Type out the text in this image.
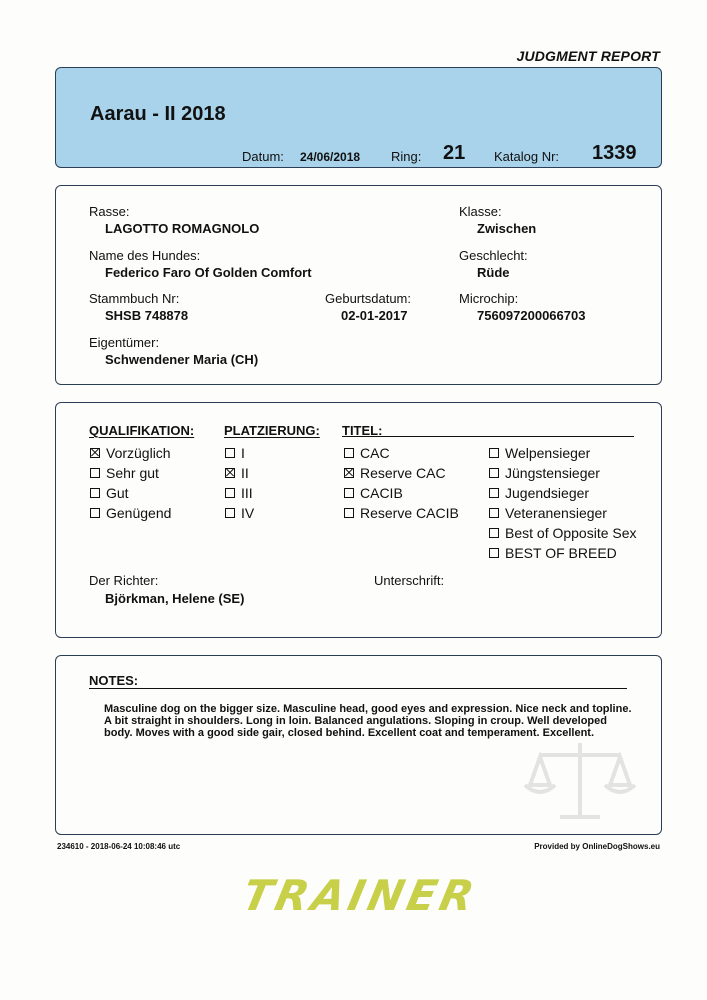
JUDGMENT REPORT
Aarau - II 2018
Datum: 24/06/2018 Ring: 21 Katalog Nr: 1339
Rasse:
LAGOTTO ROMAGNOLO
Klasse:
Zwischen
Name des Hundes:
Federico Faro Of Golden Comfort
Geschlecht:
Rüde
Stammbuch Nr:
SHSB 748878
Geburtsdatum:
02-01-2017
Microchip:
756097200066703
Eigentümer:
Schwendener Maria (CH)
QUALIFIKATION: PLATZIERUNG: TITEL:
Vorzüglich
Sehr gut
Gut
Genügend
I
II
III
IV
CAC
Reserve CAC
CACIB
Reserve CACIB
Welpensieger
Jüngstensieger
Jugendsieger
Veteranensieger
Best of Opposite Sex
BEST OF BREED
Der Richter:
Björkman, Helene (SE)
Unterschrift:
NOTES:
Masculine dog on the bigger size. Masculine head, good eyes and expression. Nice neck and topline. A bit straight in shoulders. Long in loin. Balanced angulations. Sloping in croup. Well developed body. Moves with a good side gair, closed behind. Excellent coat and temperament. Excellent.
234610 - 2018-06-24 10:08:46 utc	Provided by OnlineDogShows.eu
TRAINER
